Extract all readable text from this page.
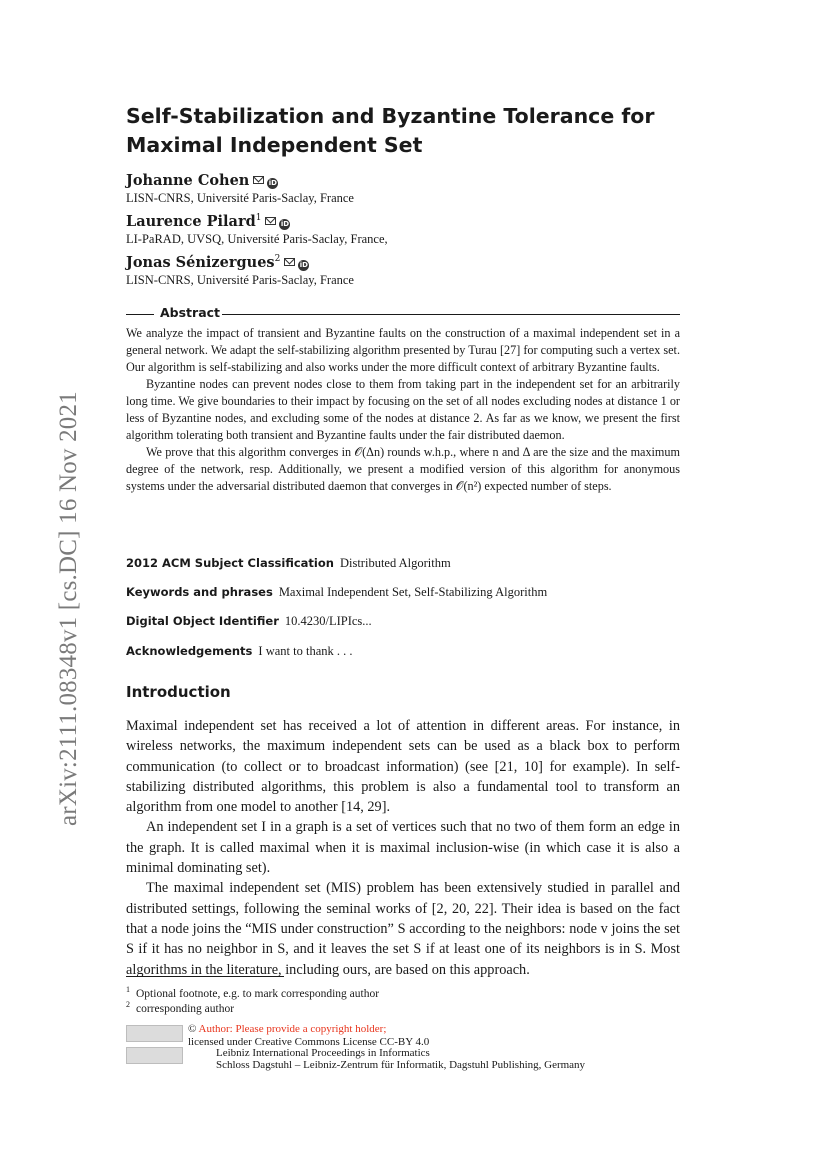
arXiv:2111.08348v1 [cs.DC] 16 Nov 2021
Self-Stabilization and Byzantine Tolerance for Maximal Independent Set
Johanne Cohen	iD
LISN-CNRS, Université Paris-Saclay, France
Laurence Pilard$^1$iD
LI-PaRAD, UVSQ, Université Paris-Saclay, France,
Jonas Sénizergues$^2$iD
LISN-CNRS, Université Paris-Saclay, France
Abstract

We analyze the impact of transient and Byzantine faults on the construction of a maximal independent set in a general network. We adapt the self-stabilizing algorithm presented by Turau [27] for computing such a vertex set. Our algorithm is self-stabilizing and also works under the more difficult context of arbitrary Byzantine faults.

Byzantine nodes can prevent nodes close to them from taking part in the independent set for an arbitrarily long time. We give boundaries to their impact by focusing on the set of all nodes excluding nodes at distance 1 or less of Byzantine nodes, and excluding some of the nodes at distance 2. As far as we know, we present the first algorithm tolerating both transient and Byzantine faults under the fair distributed daemon.

We prove that this algorithm converges in 𝒪(Δn) rounds w.h.p., where n and Δ are the size and the maximum degree of the network, resp. Additionally, we present a modified version of this algorithm for anonymous systems under the adversarial distributed daemon that converges in 𝒪(n²) expected number of steps.

2012 ACM Subject Classification Distributed Algorithm
Keywords and phrases Maximal Independent Set, Self-Stabilizing Algorithm
Digital Object Identifier 10.4230/LIPIcs...
Acknowledgements I want to thank . . .
Introduction

Maximal independent set has received a lot of attention in different areas. For instance, in wireless networks, the maximum independent sets can be used as a black box to perform communication (to collect or to broadcast information) (see [21, 10] for example). In self-stabilizing distributed algorithms, this problem is also a fundamental tool to transform an algorithm from one model to another [14, 29].

An independent set I in a graph is a set of vertices such that no two of them form an edge in the graph. It is called maximal when it is maximal inclusion-wise (in which case it is also a minimal dominating set).

The maximal independent set (MIS) problem has been extensively studied in parallel and distributed settings, following the seminal works of [2, 20, 22]. Their idea is based on the fact that a node joins the “MIS under construction” S according to the neighbors: node v joins the set S if it has no neighbor in S, and it leaves the set S if at least one of its neighbors is in S. Most algorithms in the literature, including ours, are based on this approach.

$^1$ Optional footnote, e.g. to mark corresponding author
$^2$ corresponding author
© Author: Please provide a copyright holder;
licensed under Creative Commons License CC-BY 4.0
Leibniz International Proceedings in Informatics
Schloss Dagstuhl – Leibniz-Zentrum für Informatik, Dagstuhl Publishing, Germany
